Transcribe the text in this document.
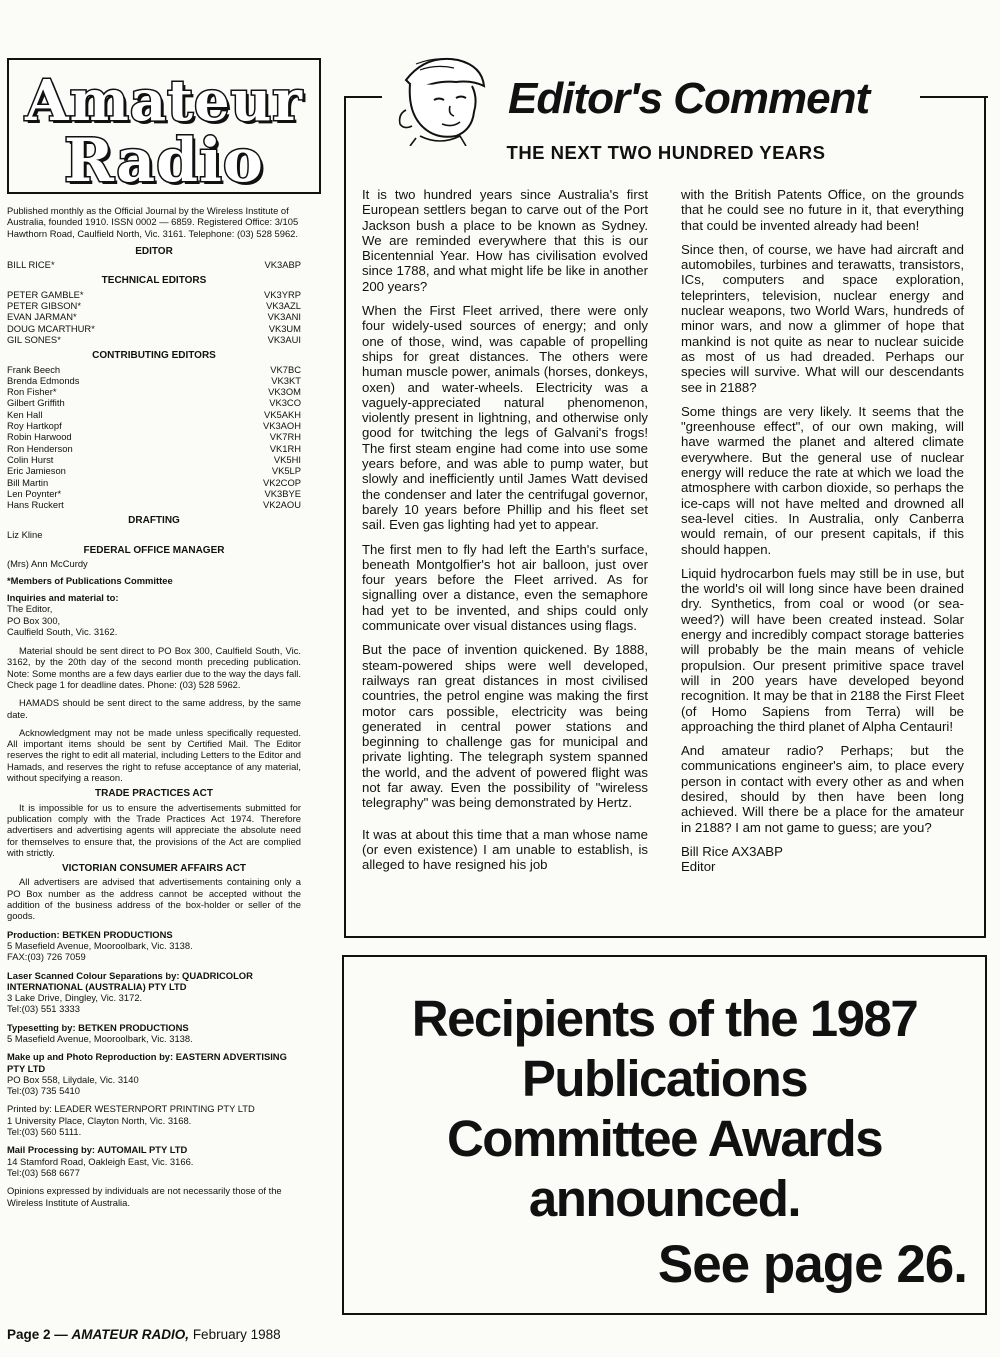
Amateur
Radio

Published monthly as the Official Journal by the Wireless Institute of Australia, founded 1910. ISSN 0002 — 6859. Registered Office: 3/105 Hawthorn Road, Caulfield North, Vic. 3161. Telephone: (03) 528 5962.

EDITOR
BILL RICE*	VK3ABP
TECHNICAL EDITORS
PETER GAMBLE*	VK3YRP
PETER GIBSON*	VK3AZL
EVAN JARMAN*	VK3ANI
DOUG MCARTHUR*	VK3UM
GIL SONES*	VK3AUI
CONTRIBUTING EDITORS
Frank Beech	VK7BC
Brenda Edmonds	VK3KT
Ron Fisher*	VK3OM
Gilbert Griffith	VK3CO
Ken Hall	VK5AKH
Roy Hartkopf	VK3AOH
Robin Harwood	VK7RH
Ron Henderson	VK1RH
Colin Hurst	VK5HI
Eric Jamieson	VK5LP
Bill Martin	VK2COP
Len Poynter*	VK3BYE
Hans Ruckert	VK2AOU
DRAFTING

Liz Kline

FEDERAL OFFICE MANAGER

(Mrs) Ann McCurdy

*Members of Publications Committee

Inquiries and material to:

The Editor,

PO Box 300,

Caulfield South, Vic. 3162.

Material should be sent direct to PO Box 300, Caulfield South, Vic. 3162, by the 20th day of the second month preceding publication. Note: Some months are a few days earlier due to the way the days fall. Check page 1 for deadline dates. Phone: (03) 528 5962.

HAMADS should be sent direct to the same address, by the same date.

Acknowledgment may not be made unless specifically requested. All important items should be sent by Certified Mail. The Editor reserves the right to edit all material, including Letters to the Editor and Hamads, and reserves the right to refuse acceptance of any material, without specifying a reason.

TRADE PRACTICES ACT

It is impossible for us to ensure the advertisements submitted for publication comply with the Trade Practices Act 1974. Therefore advertisers and advertising agents will appreciate the absolute need for themselves to ensure that, the provisions of the Act are complied with strictly.

VICTORIAN CONSUMER AFFAIRS ACT

All advertisers are advised that advertisements containing only a PO Box number as the address cannot be accepted without the addition of the business address of the box-holder or seller of the goods.

Production: BETKEN PRODUCTIONS

5 Masefield Avenue, Mooroolbark, Vic. 3138.

FAX:(03) 726 7059

Laser Scanned Colour Separations by: QUADRICOLOR INTERNATIONAL (AUSTRALIA) PTY LTD

3 Lake Drive, Dingley, Vic. 3172.

Tel:(03) 551 3333

Typesetting by: BETKEN PRODUCTIONS

5 Masefield Avenue, Mooroolbark, Vic. 3138.

Make up and Photo Reproduction by: EASTERN ADVERTISING PTY LTD

PO Box 558, Lilydale, Vic. 3140

Tel:(03) 735 5410

Printed by: LEADER WESTERNPORT PRINTING PTY LTD

1 University Place, Clayton North, Vic. 3168.

Tel:(03) 560 5111.

Mail Processing by: AUTOMAIL PTY LTD

14 Stamford Road, Oakleigh East, Vic. 3166.

Tel:(03) 568 6677

Opinions expressed by individuals are not necessarily those of the Wireless Institute of Australia.

Editor's Comment
THE NEXT TWO HUNDRED YEARS

It is two hundred years since Australia's first European settlers began to carve out of the Port Jackson bush a place to be known as Sydney. We are reminded everywhere that this is our Bicentennial Year. How has civilisation evolved since 1788, and what might life be like in another 200 years?

When the First Fleet arrived, there were only four widely-used sources of energy; and only one of those, wind, was capable of propelling ships for great distances. The others were human muscle power, animals (horses, donkeys, oxen) and water-wheels. Electricity was a vaguely-appreciated natural phenomenon, violently present in lightning, and otherwise only good for twitching the legs of Galvani's frogs! The first steam engine had come into use some years before, and was able to pump water, but slowly and inefficiently until James Watt devised the condenser and later the centrifugal governor, barely 10 years before Phillip and his fleet set sail. Even gas lighting had yet to appear.

The first men to fly had left the Earth's surface, beneath Montgolfier's hot air balloon, just over four years before the Fleet arrived. As for signalling over a distance, even the semaphore had yet to be invented, and ships could only communicate over visual distances using flags.

But the pace of invention quickened. By 1888, steam-powered ships were well developed, railways ran great distances in most civilised countries, the petrol engine was making the first motor cars possible, electricity was being generated in central power stations and beginning to challenge gas for municipal and private lighting. The telegraph system spanned the world, and the advent of powered flight was not far away. Even the possibility of "wireless telegraphy" was being demonstrated by Hertz.

It was at about this time that a man whose name (or even existence) I am unable to establish, is alleged to have resigned his job

with the British Patents Office, on the grounds that he could see no future in it, that everything that could be invented already had been!

Since then, of course, we have had aircraft and automobiles, turbines and terawatts, transistors, ICs, computers and space exploration, teleprinters, television, nuclear energy and nuclear weapons, two World Wars, hundreds of minor wars, and now a glimmer of hope that mankind is not quite as near to nuclear suicide as most of us had dreaded. Perhaps our species will survive. What will our descendants see in 2188?

Some things are very likely. It seems that the "greenhouse effect", of our own making, will have warmed the planet and altered climate everywhere. But the general use of nuclear energy will reduce the rate at which we load the atmosphere with carbon dioxide, so perhaps the ice-caps will not have melted and drowned all sea-level cities. In Australia, only Canberra would remain, of our present capitals, if this should happen.

Liquid hydrocarbon fuels may still be in use, but the world's oil will long since have been drained dry. Synthetics, from coal or wood (or sea-weed?) will have been created instead. Solar energy and incredibly compact storage batteries will probably be the main means of vehicle propulsion. Our present primitive space travel will in 200 years have developed beyond recognition. It may be that in 2188 the First Fleet (of Homo Sapiens from Terra) will be approaching the third planet of Alpha Centauri!

And amateur radio? Perhaps; but the communications engineer's aim, to place every person in contact with every other as and when desired, should by then have been long achieved. Will there be a place for the amateur in 2188? I am not game to guess; are you?

Bill Rice AX3ABP

Editor

Recipients of the 1987
Publications
Committee Awards
announced.
See page 26.
Page 2 — AMATEUR RADIO, February 1988
